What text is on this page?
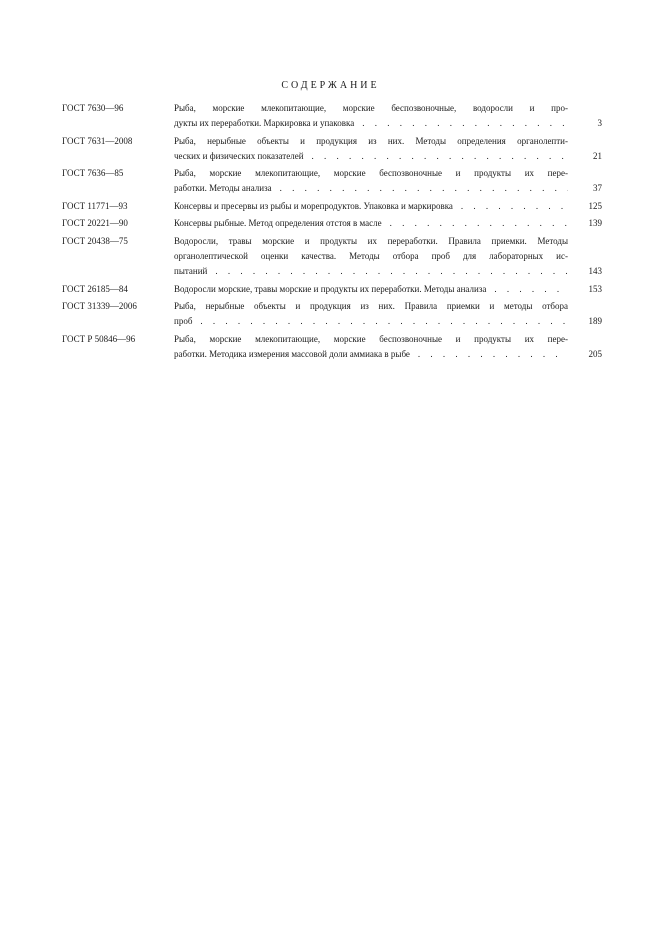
СОДЕРЖАНИЕ
ГОСТ 7630—96	Рыба, морские млекопитающие, морские беспозвоночные, водоросли и про-
дукты их переработки. Маркировка и упаковка . . .	3
ГОСТ 7631—2008	Рыба, нерыбные объекты и продукция из них. Методы определения органолепти-
ческих и физических показателей . . .	21
ГОСТ 7636—85	Рыба, морские млекопитающие, морские беспозвоночные и продукты их пере-
работки. Методы анализа . . .	37
ГОСТ 11771—93	Консервы и пресервы из рыбы и морепродуктов. Упаковка и маркировка . . .	125
ГОСТ 20221—90	Консервы рыбные. Метод определения отстоя в масле . . .	139
ГОСТ 20438—75	Водоросли, травы морские и продукты их переработки. Правила приемки. Методы
органолептической оценки качества. Методы отбора проб для лабораторных ис-
пытаний . . .	143
ГОСТ 26185—84	Водоросли морские, травы морские и продукты их переработки. Методы анализа . . .	153
ГОСТ 31339—2006	Рыба, нерыбные объекты и продукция из них. Правила приемки и методы отбора
проб . . .	189
ГОСТ Р 50846—96	Рыба, морские млекопитающие, морские беспозвоночные и продукты их пере-
работки. Методика измерения массовой доли аммиака в рыбе . . .	205
